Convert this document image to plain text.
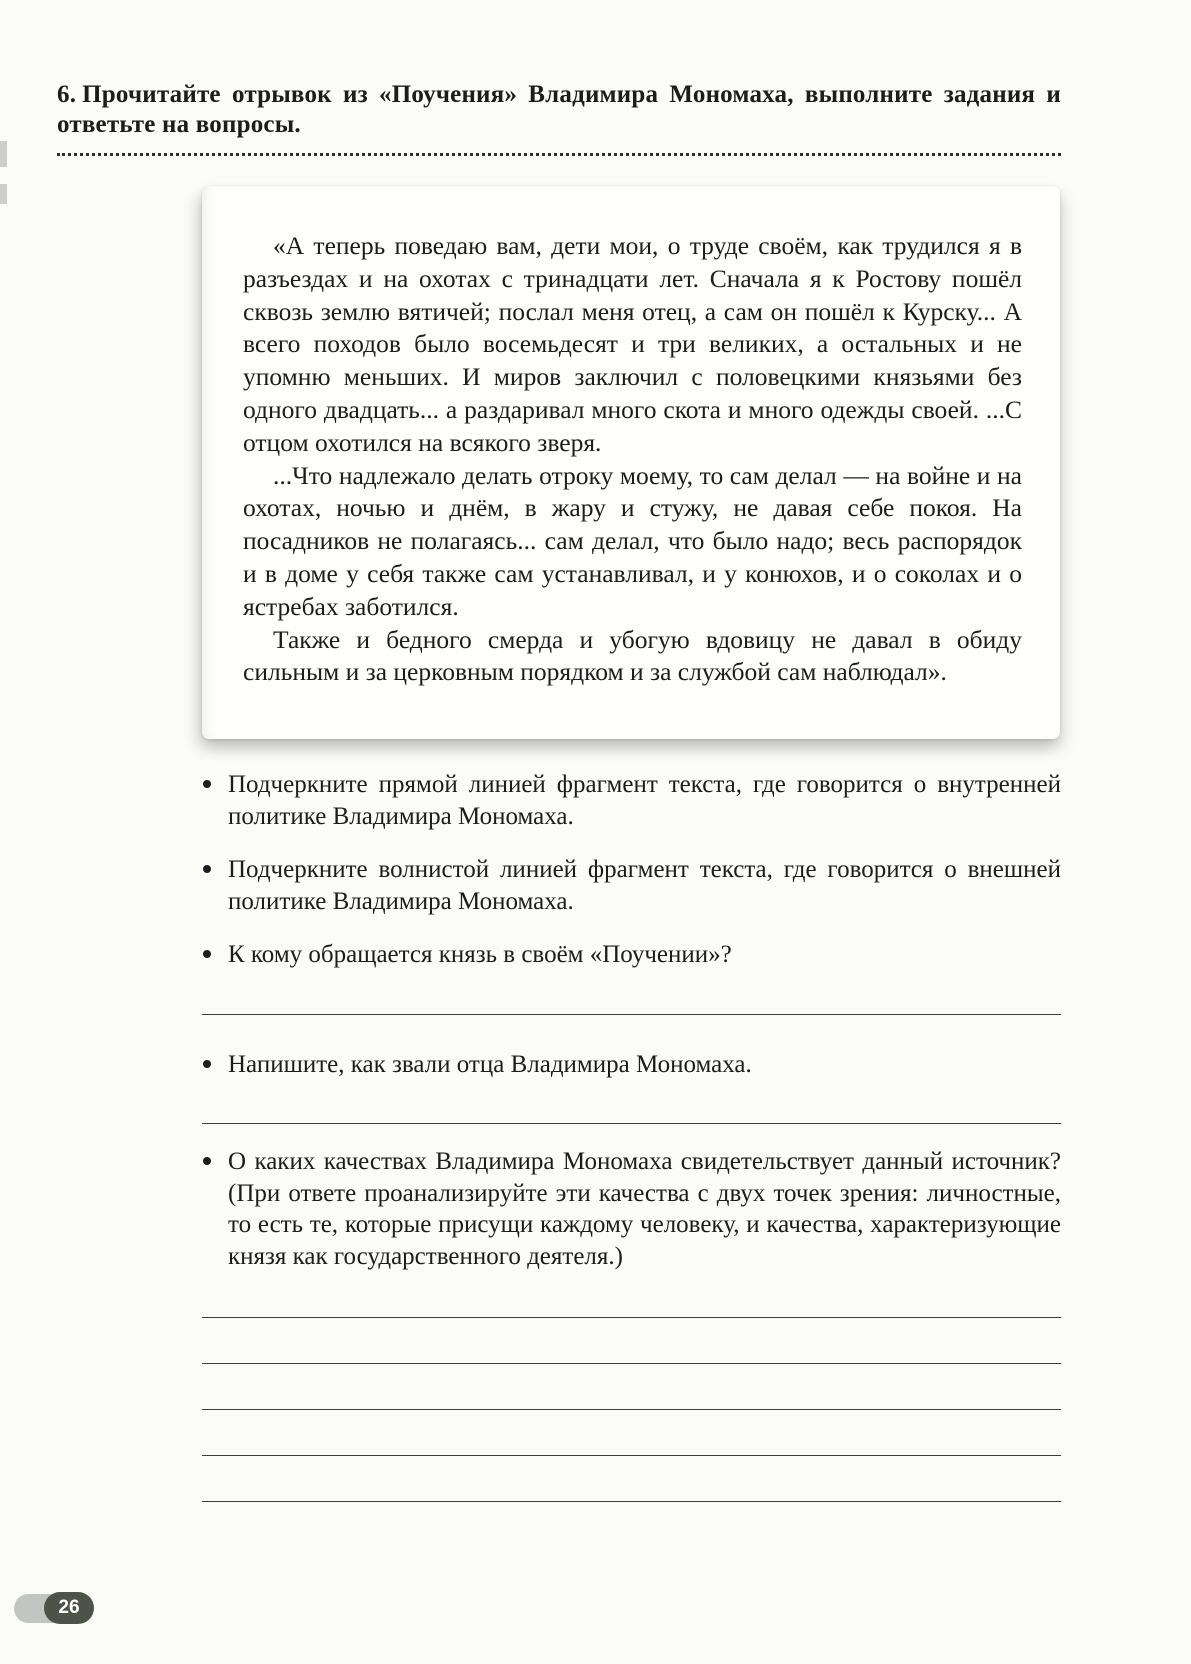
6. Прочитайте отрывок из «Поучения» Владимира Мономаха, выполните задания и ответьте на вопросы.

«А теперь поведаю вам, дети мои, о труде своём, как трудился я в разъездах и на охотах с тринадцати лет. Сначала я к Ростову пошёл сквозь землю вятичей; послал меня отец, а сам он пошёл к Курску... А всего походов было восемьдесят и три великих, а остальных и не упомню меньших. И миров заключил с половецкими князьями без одного двадцать... а раздаривал много скота и много одежды своей. ...С отцом охотился на всякого зверя.

...Что надлежало делать отроку моему, то сам делал — на войне и на охотах, ночью и днём, в жару и стужу, не давая себе покоя. На посадников не полагаясь... сам делал, что было надо; весь распорядок и в доме у себя также сам устанавливал, и у конюхов, и о соколах и о ястребах заботился.

Также и бедного смерда и убогую вдовицу не давал в обиду сильным и за церковным порядком и за службой сам наблюдал».

Подчеркните прямой линией фрагмент текста, где говорится о внутренней политике Владимира Мономаха.
Подчеркните волнистой линией фрагмент текста, где говорится о внешней политике Владимира Мономаха.
К кому обращается князь в своём «Поучении»?
Напишите, как звали отца Владимира Мономаха.
О каких качествах Владимира Мономаха свидетельствует данный источник? (При ответе проанализируйте эти качества с двух точек зрения: личностные, то есть те, которые присущи каждому человеку, и качества, характеризующие князя как государственного деятеля.)
26
